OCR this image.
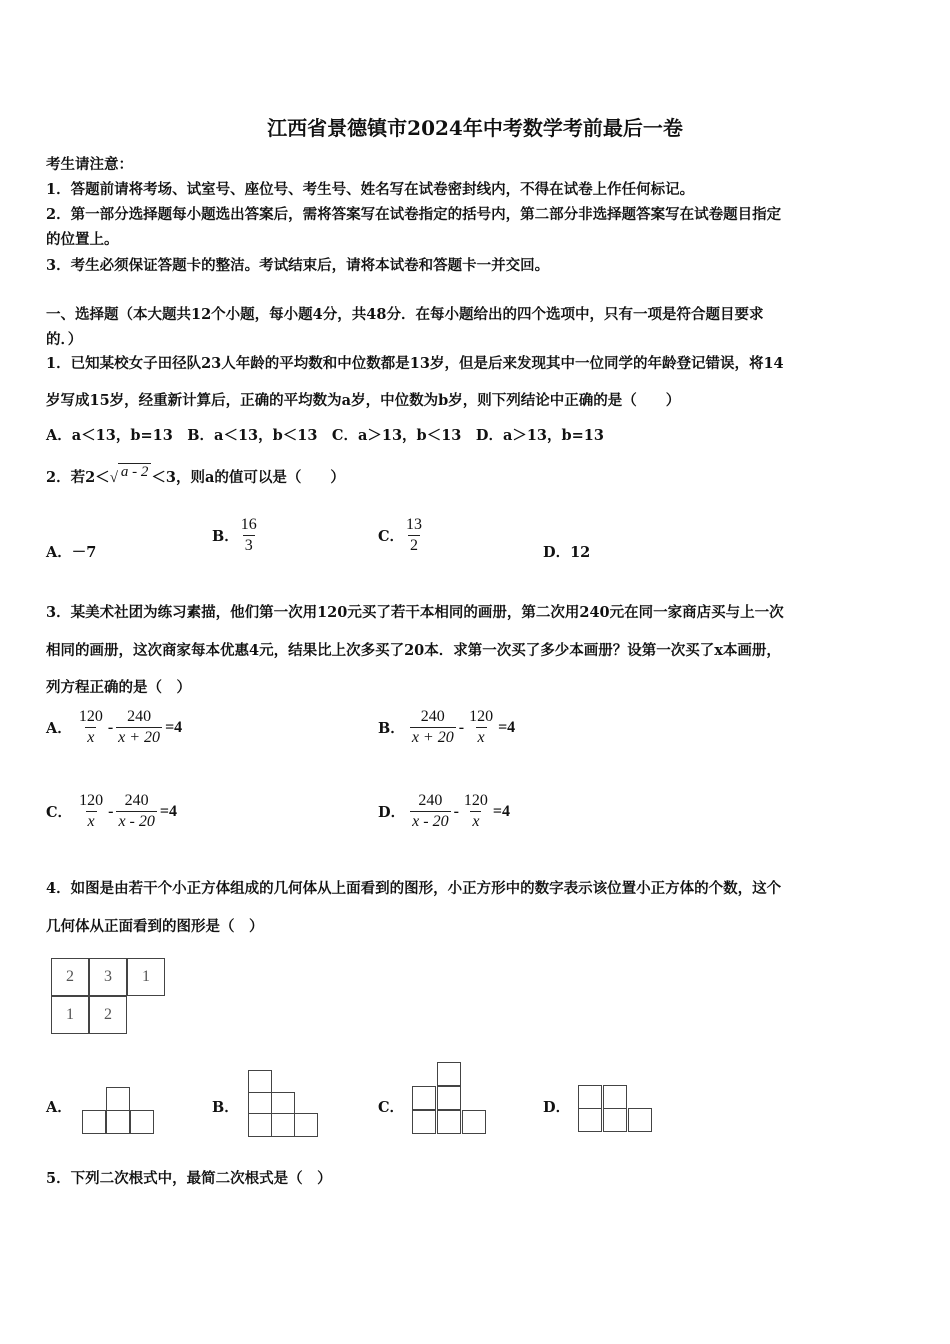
江西省景德镇市2024年中考数学考前最后一卷
考生请注意：
1．答题前请将考场、试室号、座位号、考生号、姓名写在试卷密封线内，不得在试卷上作任何标记。
2．第一部分选择题每小题选出答案后，需将答案写在试卷指定的括号内，第二部分非选择题答案写在试卷题目指定
的位置上。
3．考生必须保证答题卡的整洁。考试结束后，请将本试卷和答题卡一并交回。
一、选择题（本大题共12个小题，每小题4分，共48分．在每小题给出的四个选项中，只有一项是符合题目要求
的．）
1．已知某校女子田径队23人年龄的平均数和中位数都是13岁，但是后来发现其中一位同学的年龄登记错误，将14
岁写成15岁，经重新计算后，正确的平均数为a岁，中位数为b岁，则下列结论中正确的是（　　）
A．a＜13，b=13　B．a＜13，b＜13　C．a＞13，b＜13　D．a＞13，b=13
2．若2＜√ a - 2 ＜3，则a的值可以是（　　）
A．－7
B． $\frac{16}{3}$	C． $\frac{13}{2}$	D．12
3．某美术社团为练习素描，他们第一次用120元买了若干本相同的画册，第二次用240元在同一家商店买与上一次
相同的画册，这次商家每本优惠4元，结果比上次多买了20本．求第一次买了多少本画册？设第一次买了x本画册，
列方程正确的是（　）
A． $\frac{120}{x} - \frac{240}{x + 20} =4$	B． $\frac{240}{x + 20} - \frac{120}{x} =4$
C． $\frac{120}{x} - \frac{240}{x - 20} =4$	D． $\frac{240}{x - 20} - \frac{120}{x} =4$
4．如图是由若干个小正方体组成的几何体从上面看到的图形，小正方形中的数字表示该位置小正方体的个数，这个
几何体从正面看到的图形是（　）
2	3	1
1	2
A．	B．	C．	D．
5．下列二次根式中，最简二次根式是（　）
